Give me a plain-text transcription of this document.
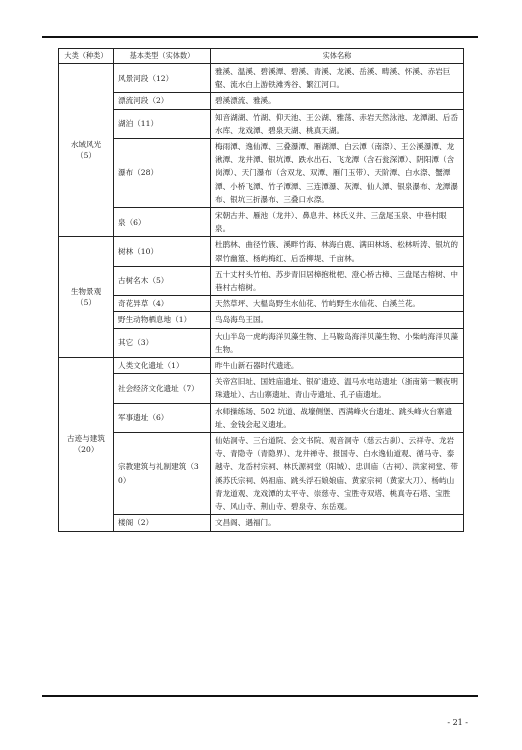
大类（种类）	基本类型（实体数）	实体名称
水域风光（5）	风景河段（12）	雅溪、温溪、碧溪潭、碧溪、青溪、龙溪、岳溪、畴溪、怀溪、赤岩巨壑、流水白上游铁滩秀谷、繁江河口。
	漂流河段（2）	碧溪漂流、雅溪。
	湖泊（11）	知音湖湖、竹湖、仰天池、王公湖、雅荡、赤岩天然泳池、龙潭湖、后岙水库、龙戏潭、碧泉天湖、桃真天湖。
	瀑布（28）	梅雨潭、逸仙潭、三叠瀑潭、雁湖潭、白云潭（南漈）、王公溪瀑潭、龙湫潭、龙井潭、银坑潭、跌水出石、飞龙潭（含石瓮深潭）、阴阳潭（含岗潭）、天门瀑布（含双龙、双潭、雁门玉带）、天阶潭、白水漈、蟹潭潭、小桥飞潭、竹子潭潭、三连潭瀑、灰潭、仙人潭、银泉瀑布、龙潭瀑布、银坑三折瀑布、三叠口水漈。
	泉（6）	宋朝古井、雁池（龙井）、鼻息井、林氏义井、三盘尾玉泉、中巷村眼泉。
生物景观（5）	树林（10）	杜鹃林、曲径竹簇、溪畔竹海、林海白鹿、满田林场、松林听涛、银坑的翠竹幽篁、杨屿梅红、后岙柳堤、千亩林。
	古树名木（5）	五十丈村头竹柏、苏步青旧居樟抱枇杷、澄心桥古樟、三盘尾古榕树、中巷村古榕树。
	奇花异草（4）	天然草坪、大榅岛野生水仙花、竹屿野生水仙花、白溪兰花。
	野生动物栖息地（1）	鸟岛海鸟王国。
	其它（3）	大山半岛一虎屿海洋贝藻生物、上马鞍岛海洋贝藻生物、小柴屿海洋贝藻生物。
古迹与建筑（20）	人类文化遗址（1）	昨牛山新石器时代遗迹。
	社会经济文化遗址（7）	关帝宫旧址、国姓庙遗址、银矿遗迹、温马水电站遗址（浙南第一颗夜明珠遗址）、古山寨遗址、青山寺遗址、孔子庙遗址。
	军事遗址（6）	水师操练场、502 坑道、战壕侧堡、西满峰火台遗址、跳头峰火台寨遗址、金钱会起义遗址。
	宗教建筑与礼制建筑（30）	仙姑洞寺、三台道院、会文书院、观音洞寺（慈云古刹）、云祥寺、龙岩寺、青隐寺（青隐界）、龙井禅寺、报国寺、白水逸仙道观、循马寺、泰越寺、龙岙村宗祠、林氏源祠堂（阳城）、忠训庙（古祠）、洪家祠堂、带溪苏氏宗祠、妈祖庙、跳头浮石娘娘庙、黄家宗祠（黄家大刀）、杨屿山青龙道观、龙戏潭的太平寺、崇慈寺、宝胜寺双塔、桃真寺石塔、宝胜寺、风山寺、荆山寺、碧泉寺、东岳观。
	楼阁（2）	文昌阁、遇福门。
- 21 -
